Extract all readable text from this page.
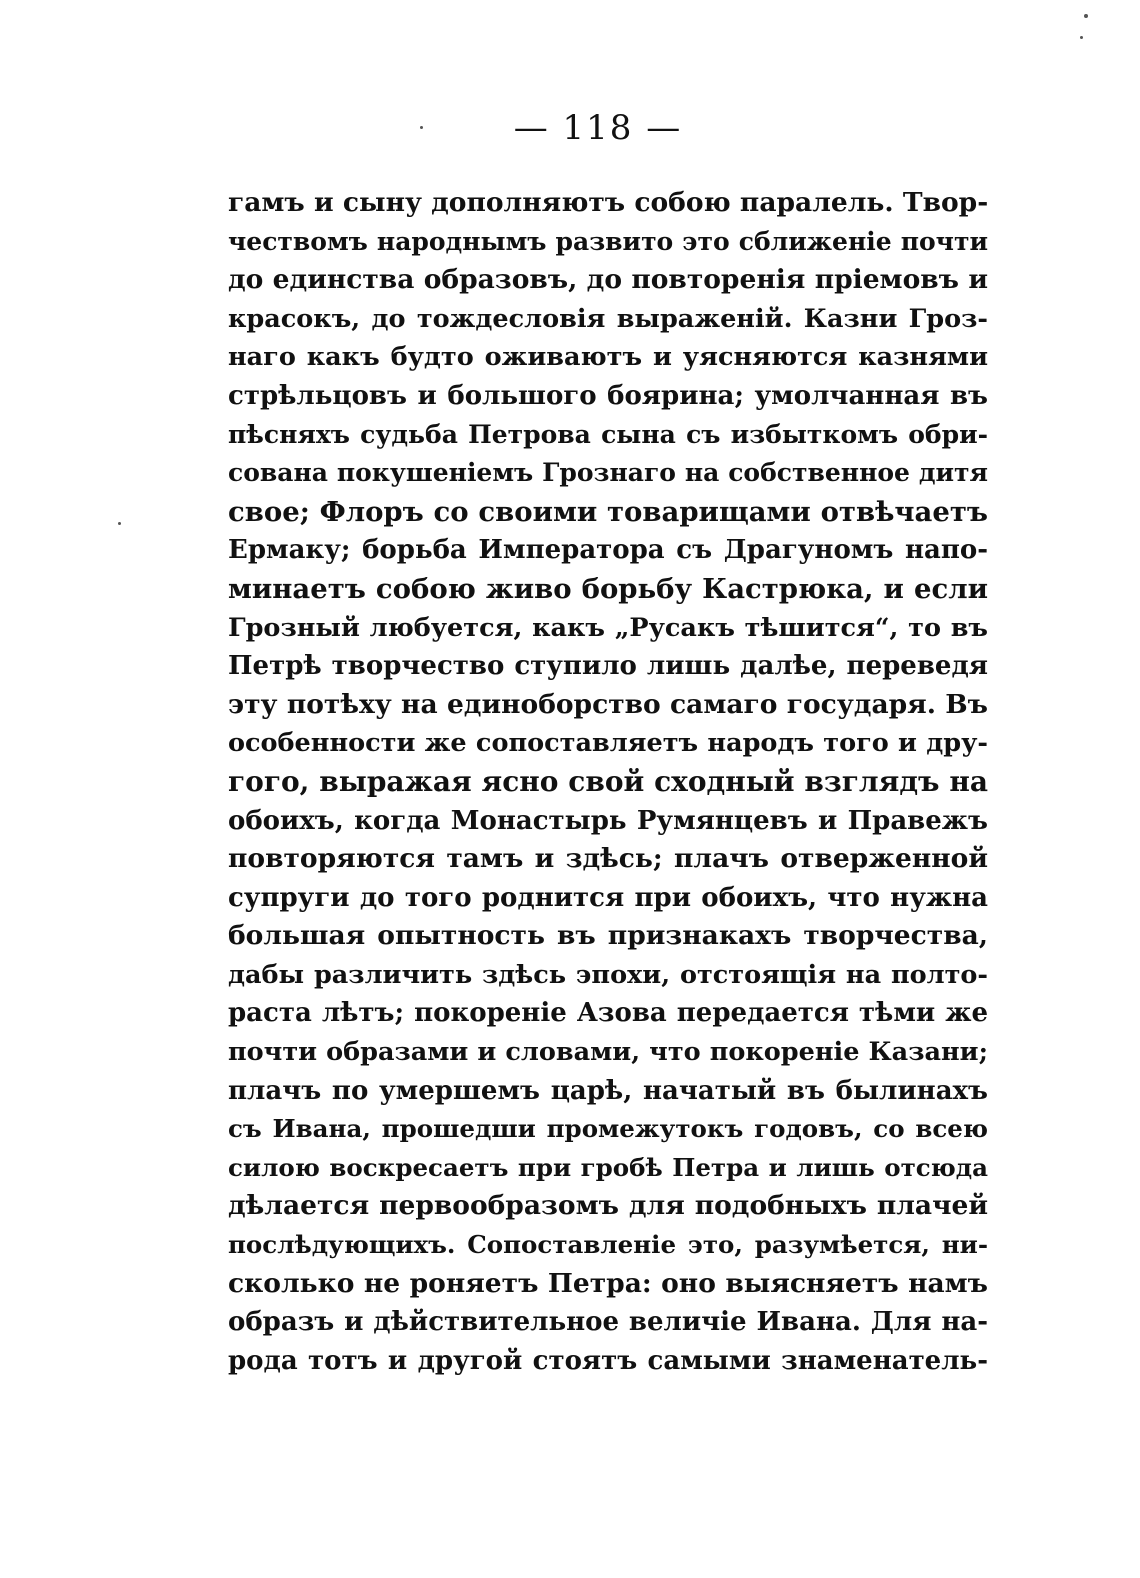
— 118 —
гамъ и сыну дополняютъ собою паралель. Твор-
чествомъ народнымъ развито это сближеніе почти
до единства образовъ, до повторенія пріемовъ и
красокъ, до тождесловія выраженій. Казни Гроз-
наго какъ будто оживаютъ и уясняются казнями
стрѣльцовъ и большого боярина; умолчанная въ
пѣсняхъ судьба Петрова сына съ избыткомъ обри-
сована покушеніемъ Грознаго на собственное дитя
свое; Флоръ со своими товарищами отвѣчаетъ
Ермаку; борьба Императора съ Драгуномъ напо-
минаетъ собою живо борьбу Кастрюка, и если
Грозный любуется, какъ „Русакъ тѣшится“, то въ
Петрѣ творчество ступило лишь далѣе, переведя
эту потѣху на единоборство самаго государя. Въ
особенности же сопоставляетъ народъ того и дру-
гого, выражая ясно свой сходный взглядъ на
обоихъ, когда Монастырь Румянцевъ и Правежъ
повторяются тамъ и здѣсь; плачъ отверженной
супруги до того роднится при обоихъ, что нужна
большая опытность въ признакахъ творчества,
дабы различить здѣсь эпохи, отстоящія на полто-
раста лѣтъ; покореніе Азова передается тѣми же
почти образами и словами, что покореніе Казани;
плачъ по умершемъ царѣ, начатый въ былинахъ
съ Ивана, прошедши промежутокъ годовъ, со всею
силою воскресаетъ при гробѣ Петра и лишь отсюда
дѣлается первообразомъ для подобныхъ плачей
послѣдующихъ. Сопоставленіе это, разумѣется, ни-
сколько не роняетъ Петра: оно выясняетъ намъ
образъ и дѣйствительное величіе Ивана. Для на-
рода тотъ и другой стоятъ самыми знаменатель-
